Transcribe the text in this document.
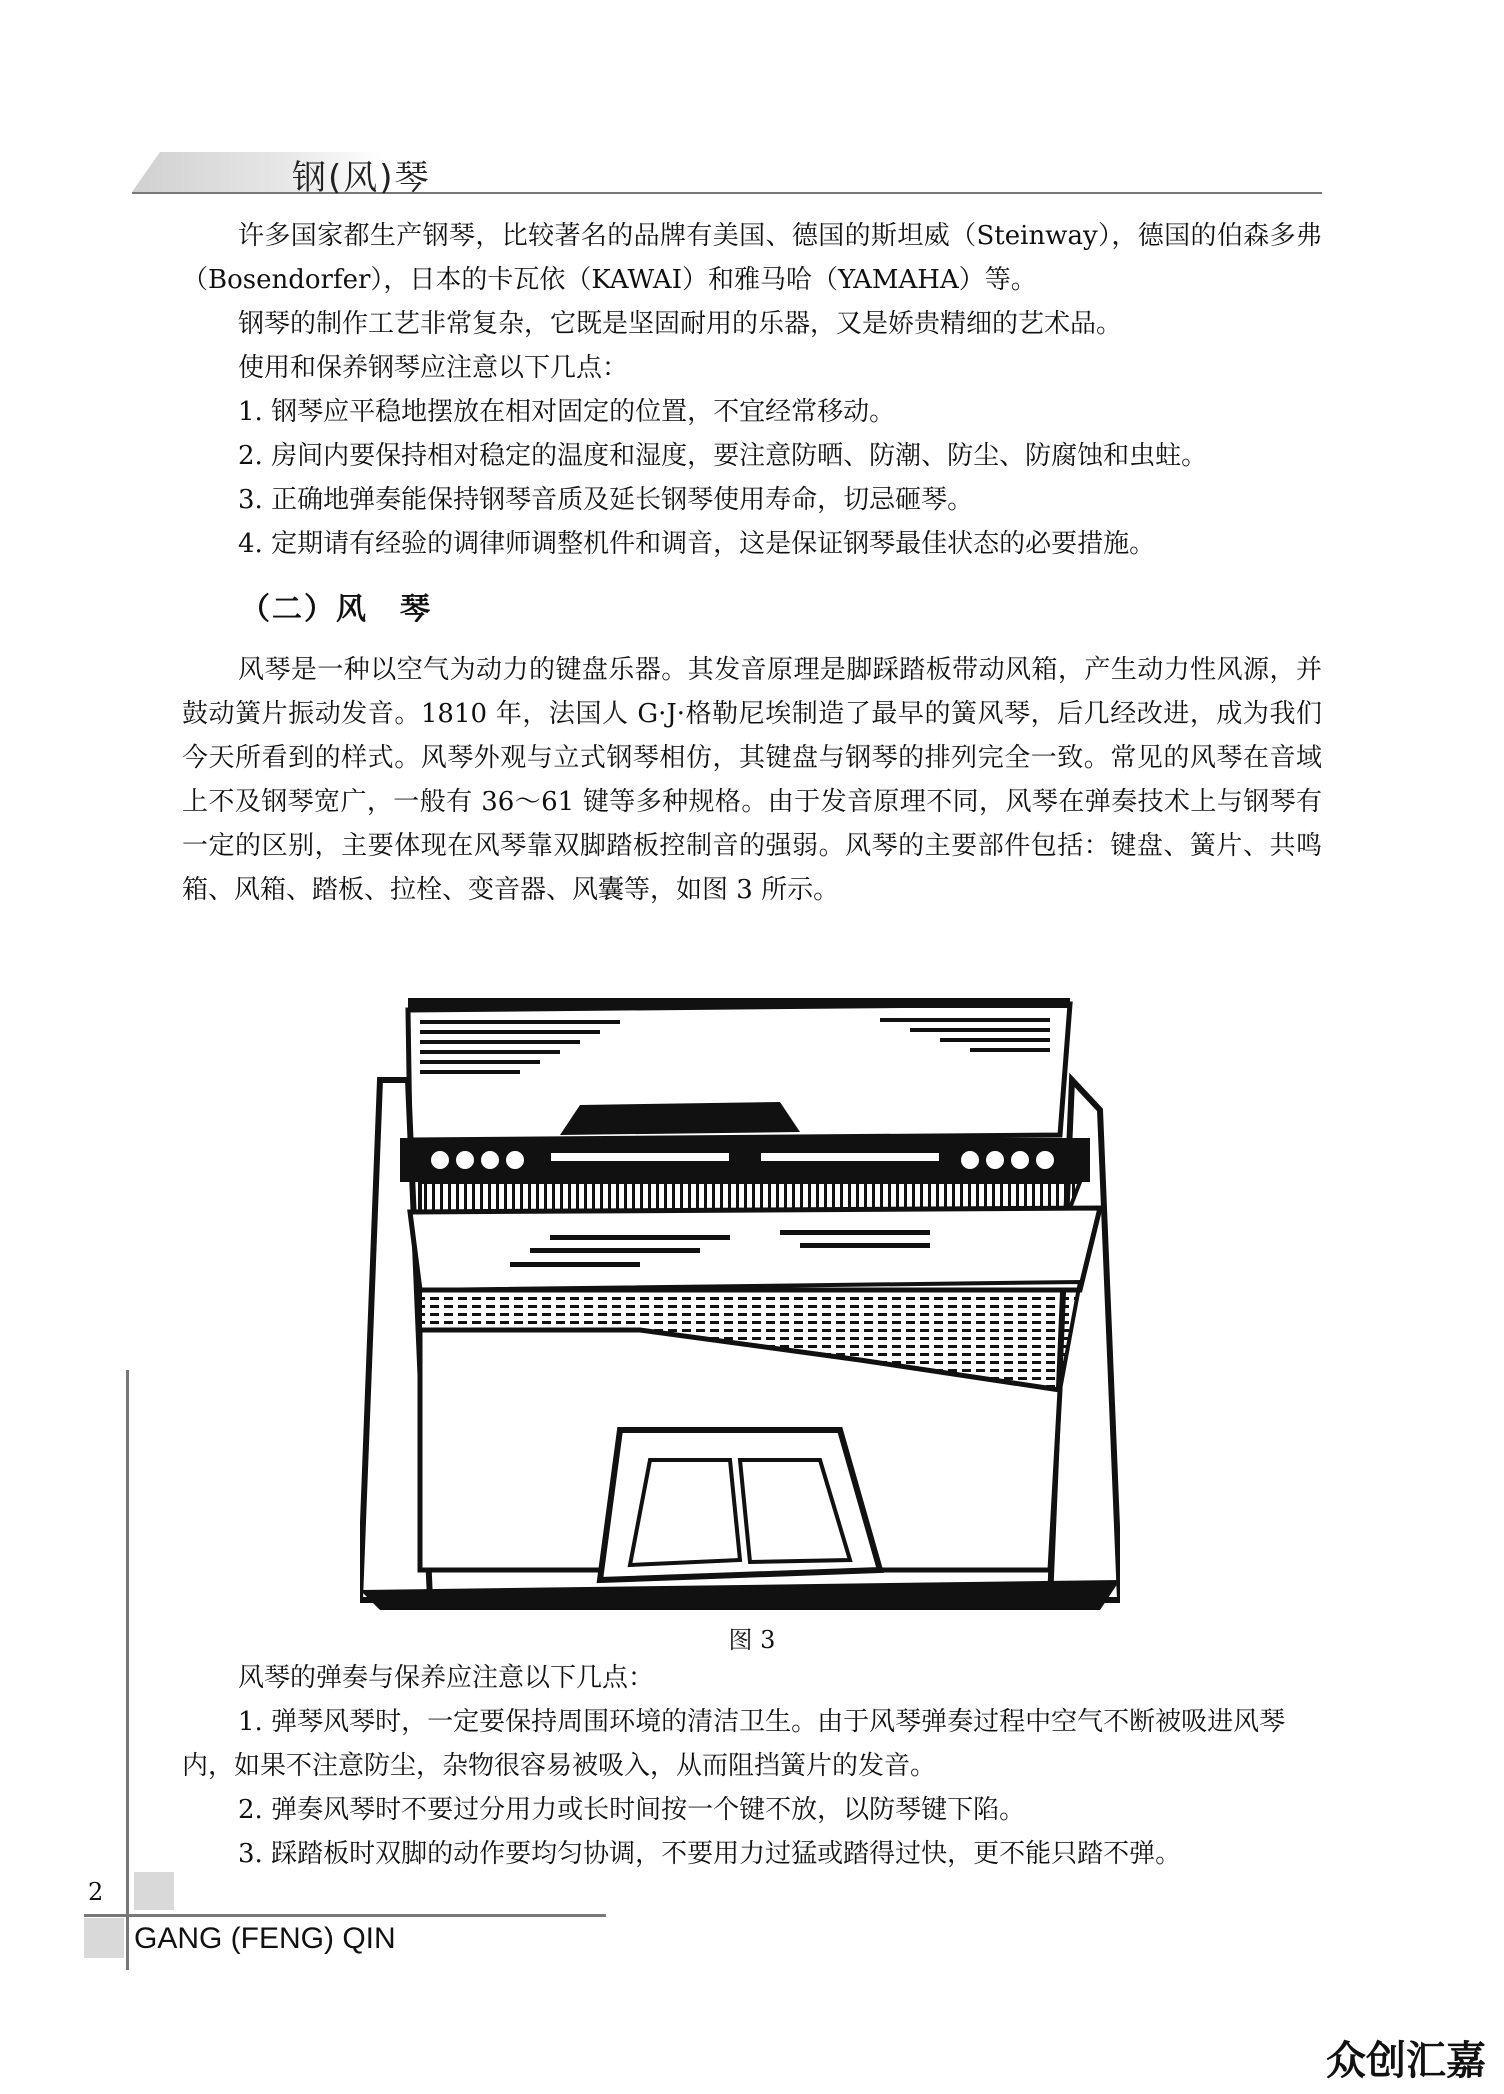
钢(风)琴

许多国家都生产钢琴，比较著名的品牌有美国、德国的斯坦威（Steinway），德国的伯森多弗（Bosendorfer），日本的卡瓦依（KAWAI）和雅马哈（YAMAHA）等。

钢琴的制作工艺非常复杂，它既是坚固耐用的乐器，又是娇贵精细的艺术品。

使用和保养钢琴应注意以下几点：

1. 钢琴应平稳地摆放在相对固定的位置，不宜经常移动。

2. 房间内要保持相对稳定的温度和湿度，要注意防晒、防潮、防尘、防腐蚀和虫蛀。

3. 正确地弹奏能保持钢琴音质及延长钢琴使用寿命，切忌砸琴。

4. 定期请有经验的调律师调整机件和调音，这是保证钢琴最佳状态的必要措施。

（二）风　琴

风琴是一种以空气为动力的键盘乐器。其发音原理是脚踩踏板带动风箱，产生动力性风源，并鼓动簧片振动发音。1810 年，法国人 G·J·格勒尼埃制造了最早的簧风琴，后几经改进，成为我们今天所看到的样式。风琴外观与立式钢琴相仿，其键盘与钢琴的排列完全一致。常见的风琴在音域上不及钢琴宽广，一般有 36～61 键等多种规格。由于发音原理不同，风琴在弹奏技术上与钢琴有一定的区别，主要体现在风琴靠双脚踏板控制音的强弱。风琴的主要部件包括：键盘、簧片、共鸣箱、风箱、踏板、拉栓、变音器、风囊等，如图 3 所示。

图 3

风琴的弹奏与保养应注意以下几点：

1. 弹琴风琴时，一定要保持周围环境的清洁卫生。由于风琴弹奏过程中空气不断被吸进风琴内，如果不注意防尘，杂物很容易被吸入，从而阻挡簧片的发音。

2. 弹奏风琴时不要过分用力或长时间按一个键不放，以防琴键下陷。

3. 踩踏板时双脚的动作要均匀协调，不要用力过猛或踏得过快，更不能只踏不弹。

2
GANG (FENG) QIN
众创汇嘉
